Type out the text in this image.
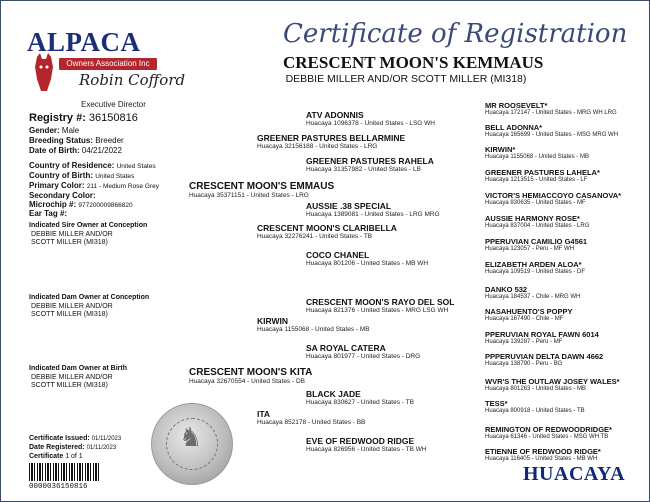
ALPACA
Owners Association Inc
Robin Cofford
Executive Director
Certificate of Registration
CRESCENT MOON'S KEMMAUS
DEBBIE MILLER AND/OR SCOTT MILLER (MI318)
Registry #: 36150816
Gender: Male
Breeding Status: Breeder
Date of Birth: 04/21/2022
Country of Residence: United States
Country of Birth: United States
Primary Color: 211 - Medium Rose Grey
Secondary Color:
Microchip #: 977200009866820
Ear Tag #:
Indicated Sire Owner at Conception
DEBBIE MILLER AND/OR
SCOTT MILLER (MI318)
Indicated Dam Owner at Conception
DEBBIE MILLER AND/OR
SCOTT MILLER (MI318)
Indicated Dam Owner at Birth
DEBBIE MILLER AND/OR
SCOTT MILLER (MI318)
Certificate Issued: 01/11/2023
Date Registered: 01/11/2023
Certificate 1 of 1
0000036150816
♞
CRESCENT MOON'S EMMAUS
Huacaya 35371151 - United States - LRG
CRESCENT MOON'S KITA
Huacaya 32670554 - United States - DB
GREENER PASTURES BELLARMINE
Huacaya 32156188 - United States - LRG
CRESCENT MOON'S CLARIBELLA
Huacaya 32276241 - United States - TB
KIRWIN
Huacaya 1155068 - United States - MB
ITA
Huacaya 852178 - United States - BB
ATV ADONNIS
Huacaya 1096378 - United States - LSG WH
GREENER PASTURES RAHELA
Huacaya 31357982 - United States - LB
AUSSIE .38 SPECIAL
Huacaya 1389081 - United States - LRG MRG
COCO CHANEL
Huacaya 801206 - United States - MB WH
CRESCENT MOON'S RAYO DEL SOL
Huacaya 821376 - United States - MRG LSG WH
SA ROYAL CATERA
Huacaya 801977 - United States - DRG
BLACK JADE
Huacaya 830627 - United States - TB
EVE OF REDWOOD RIDGE
Huacaya 826956 - United States - TB WH
MR ROOSEVELT*
Huacaya 172147 - United States - MRG WH LRG
BELL ADONNA*
Huacaya 165699 - United States - MSG MRG WH
KIRWIN*
Huacaya 1155068 - United States - MB
GREENER PASTURES LAHELA*
Huacaya 1213515 - United States - LF
VICTOR'S HEMIACCOYO CASANOVA*
Huacaya 830635 - United States - MF
AUSSIE HARMONY ROSE*
Huacaya 837004 - United States - LRG
PPERUVIAN CAMILIO G4561
Huacaya 123057 - Peru - MF WH
ELIZABETH ARDEN ALOA*
Huacaya 109519 - United States - DF
DANKO 532
Huacaya 184537 - Chile - MRG WH
NASAHUENTO'S POPPY
Huacaya 167490 - Chile - MF
PPERUVIAN ROYAL FAWN 6014
Huacaya 139287 - Peru - MF
PPPERUVIAN DELTA DAWN 4662
Huacaya 138790 - Peru - BG
WVR'S THE OUTLAW JOSEY WALES*
Huacaya 801263 - United States - MB
TESS*
Huacaya 800918 - United States - TB
REMINGTON OF REDWOODRIDGE*
Huacaya 61346 - United States - MSG WH TB
ETIENNE OF REDWOOD RIDGE*
Huacaya 116405 - United States - MB WH
HUACAYA
